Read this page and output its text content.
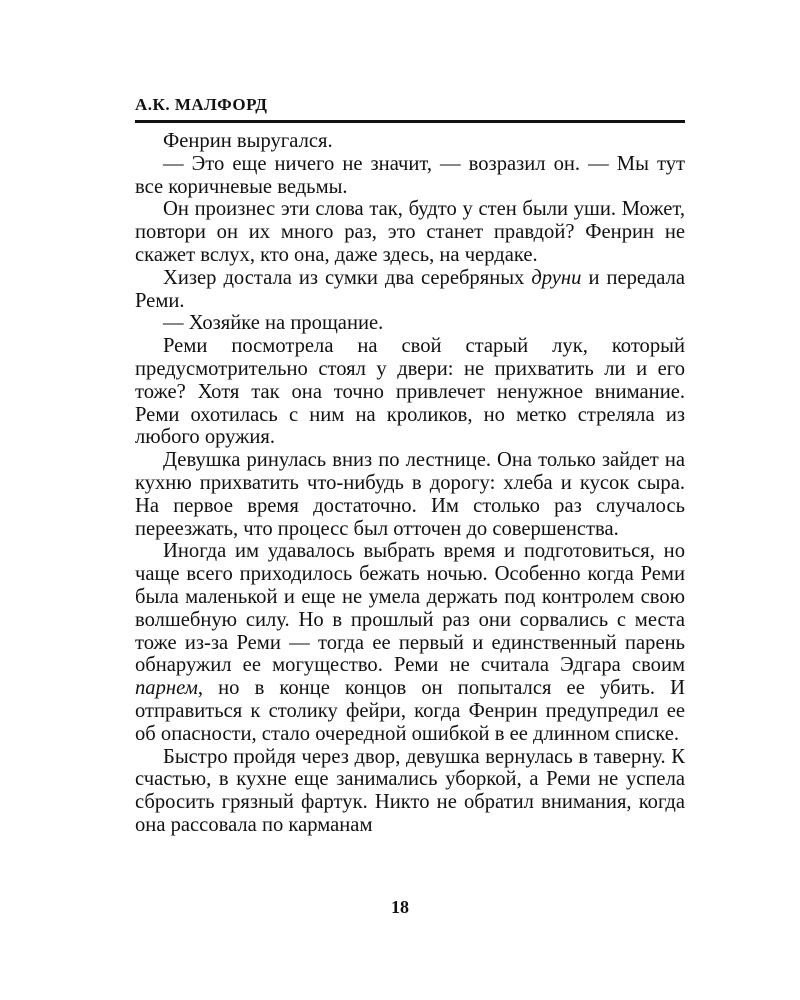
А.К. МАЛФОРД

Фенрин выругался.

— Это еще ничего не значит, — возразил он. — Мы тут все коричневые ведьмы.

Он произнес эти слова так, будто у стен были уши. Может, повтори он их много раз, это станет правдой? Фенрин не скажет вслух, кто она, даже здесь, на чердаке.

Хизер достала из сумки два серебряных друни и передала Реми.

— Хозяйке на прощание.

Реми посмотрела на свой старый лук, который предусмотрительно стоял у двери: не прихватить ли и его тоже? Хотя так она точно привлечет ненужное внимание. Реми охотилась с ним на кроликов, но метко стреляла из любого оружия.

Девушка ринулась вниз по лестнице. Она только зайдет на кухню прихватить что-нибудь в дорогу: хлеба и кусок сыра. На первое время достаточно. Им столько раз случалось переезжать, что процесс был отточен до совершенства.

Иногда им удавалось выбрать время и подготовиться, но чаще всего приходилось бежать ночью. Особенно когда Реми была маленькой и еще не умела держать под контролем свою волшебную силу. Но в прошлый раз они сорвались с места тоже из-за Реми — тогда ее первый и единственный парень обнаружил ее могущество. Реми не считала Эдгара своим парнем, но в конце концов он попытался ее убить. И отправиться к столику фейри, когда Фенрин предупредил ее об опасности, стало очередной ошибкой в ее длинном списке.

Быстро пройдя через двор, девушка вернулась в таверну. К счастью, в кухне еще занимались уборкой, а Реми не успела сбросить грязный фартук. Никто не обратил внимания, когда она рассовала по карманам

18
